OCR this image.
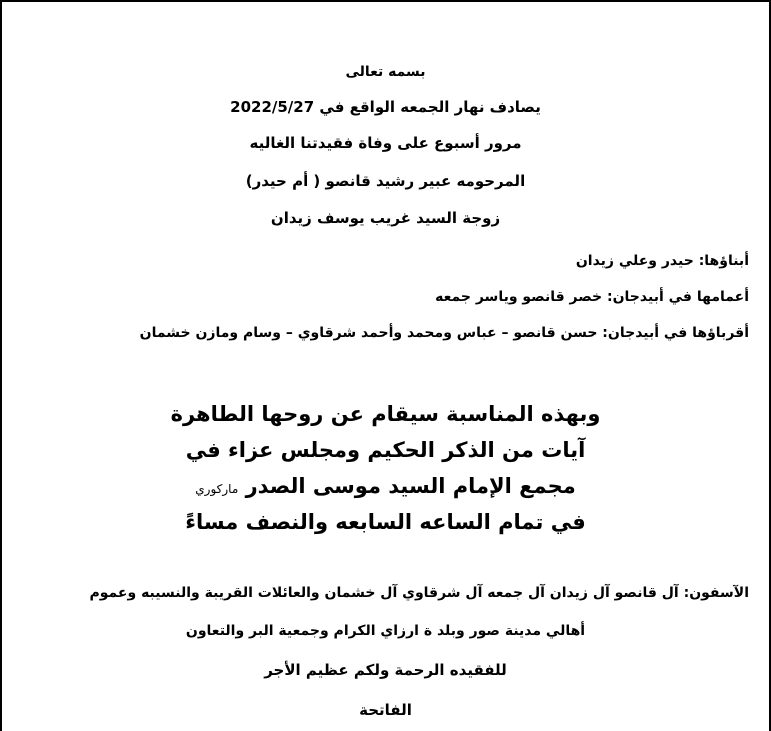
بسمه تعالى
يصادف نهار الجمعه الواقع في 2022/5/27
مرور أسبوع على وفاة فقيدتنا الغاليه
المرحومه عبير رشيد قانصو ( أم حيدر)
زوجة السيد غريب يوسف زيدان
أبناؤها: حيدر وعلي زيدان
أعمامها في أبيدجان: خصر قانصو وياسر جمعه
أقرباؤها في أبيدجان: حسن قانصو – عباس ومحمد وأحمد شرقاوي – وسام ومازن خشمان
وبهذه المناسبة سيقام عن روحها الطاهرة
آيات من الذكر الحكيم ومجلس عزاء في
مجمع الإمام السيد موسى الصدر ماركوري
في تمام الساعه السابعه والنصف مساءً
الآسفون: آل قانصو آل زيدان آل جمعه آل شرقاوي آل خشمان والعائلات القريبة والنسيبه وعموم
أهالي مدينة صور وبلد ة ارزاي الكرام وجمعية البر والتعاون
للفقيده الرحمة ولكم عظيم الأجر
الفاتحة
